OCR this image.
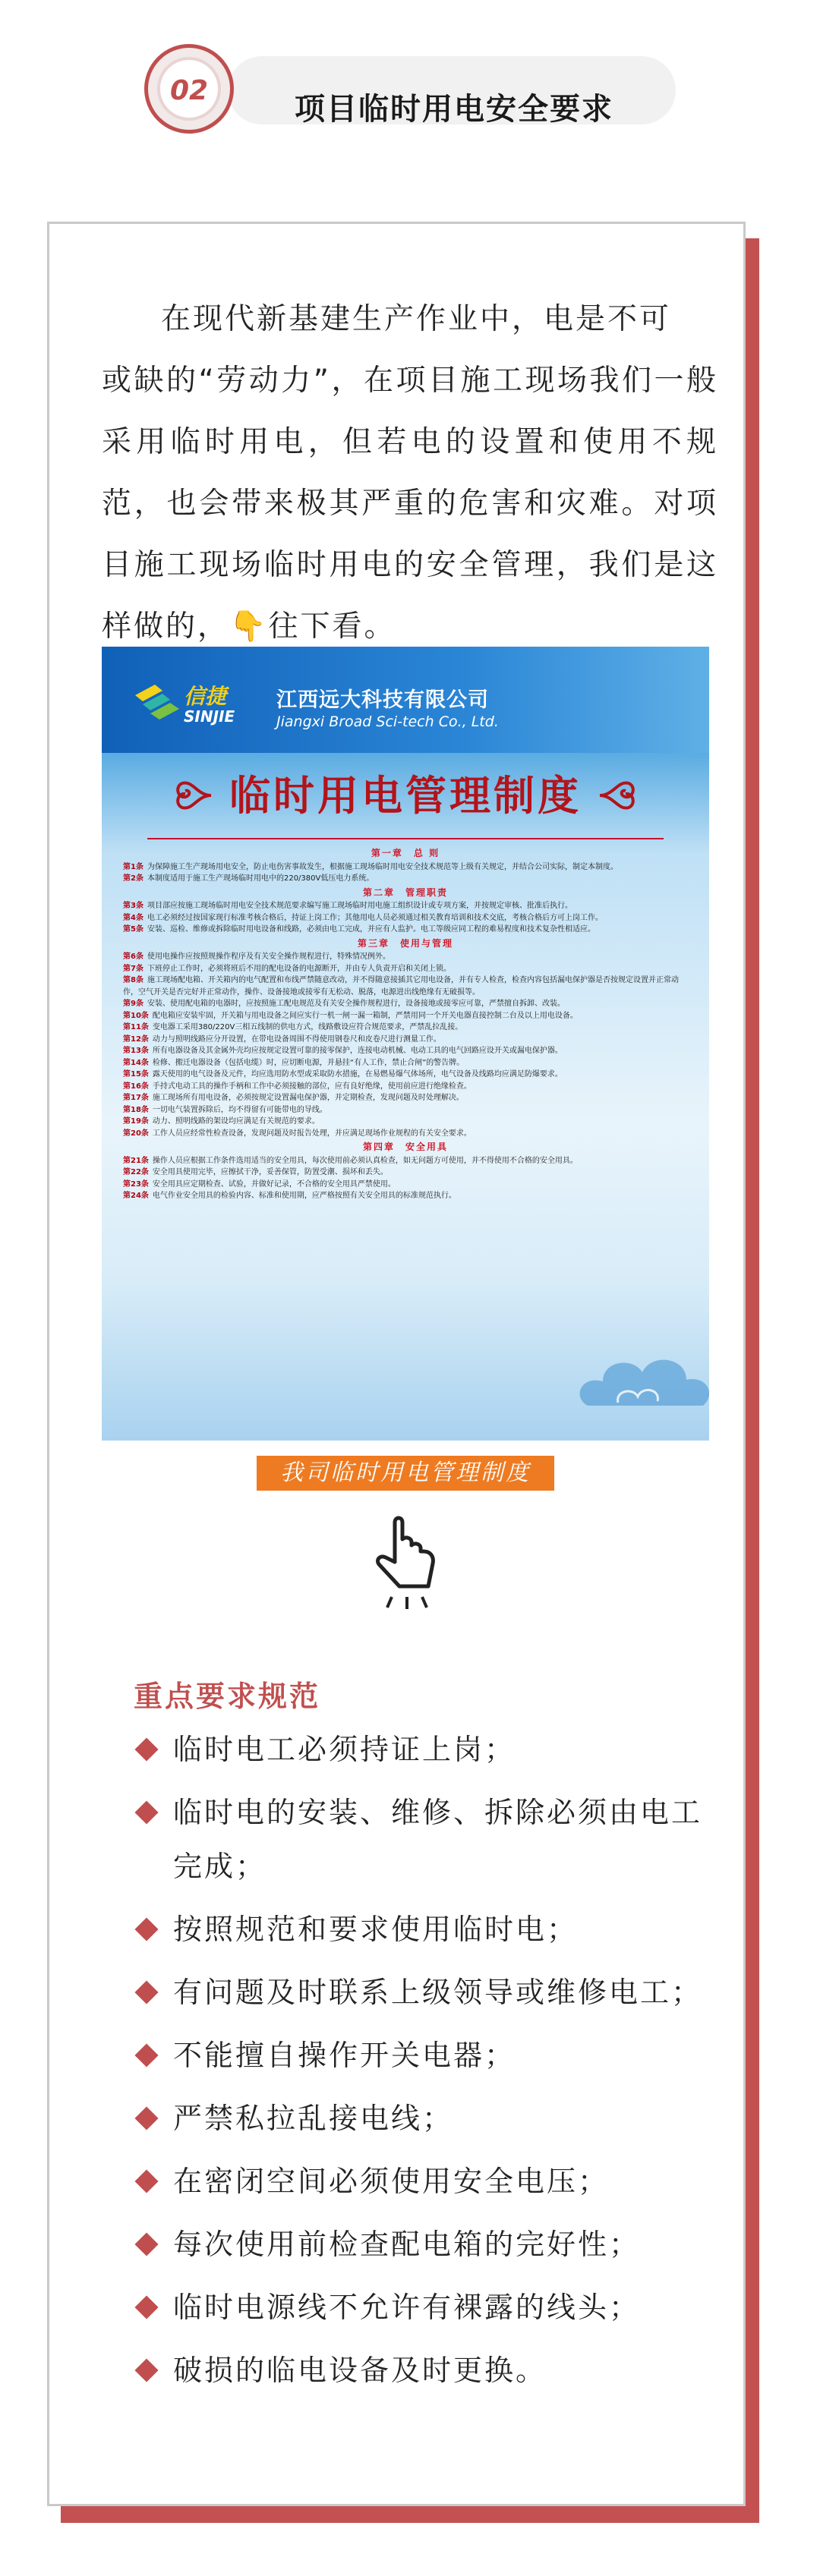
项目临时用电安全要求
02
在现代新基建生产作业中，电是不可
或缺的“劳动力”，在项目施工现场我们一般采用临时用电，但若电的设置和使用不规范，也会带来极其严重的危害和灾难。对项目施工现场临时用电的安全管理，我们是这样做的，👇往下看。
信捷
SINJIE
江西远大科技有限公司
Jiangxi Broad Sci-tech Co., Ltd.
临时用电管理制度
第一章　总 则
第1条 为保障施工生产现场用电安全，防止电伤害事故发生，根据施工现场临时用电安全技术规范等上级有关规定，并结合公司实际，制定本制度。
第2条 本制度适用于施工生产现场临时用电中的220/380V低压电力系统。
第二章　管理职责
第3条 项目部应按施工现场临时用电安全技术规范要求编写施工现场临时用电施工组织设计或专项方案，并按规定审核、批准后执行。
第4条 电工必须经过按国家现行标准考核合格后，持证上岗工作；其他用电人员必须通过相关教育培训和技术交底，考核合格后方可上岗工作。
第5条 安装、巡检、维修或拆除临时用电设备和线路，必须由电工完成，并应有人监护。电工等级应同工程的难易程度和技术复杂性相适应。
第三章　使用与管理
第6条 使用电操作应按照规操作程序及有关安全操作规程进行，特殊情况例外。
第7条 下班停止工作时，必须将班后不用的配电设备的电源断开，并由专人负责开启和关闭上锁。
第8条 施工现场配电箱、开关箱内的电气配置和布线严禁随意改动，并不得随意接插其它用电设备，并有专人检查，检查内容包括漏电保护器是否按规定设置并正常动作，空气开关是否完好并正常动作，操作、设备接地或接零有无松动、脱落，电源进出线绝缘有无破损等。
第9条 安装、使用配电箱的电器时，应按照施工配电规范及有关安全操作规程进行，设备接地或接零应可靠，严禁擅自拆卸、改装。
第10条 配电箱应安装牢固，开关箱与用电设备之间应实行一机一闸一漏一箱制，严禁用同一个开关电器直接控制二台及以上用电设备。
第11条 变电器工采用380/220V三相五线制的供电方式，线路敷设应符合规范要求，严禁乱拉乱接。
第12条 动力与照明线路应分开设置，在带电设备周围不得使用钢卷尺和皮卷尺进行测量工作。
第13条 所有电器设备及其金属外壳均应按规定设置可靠的接零保护，连接电动机械、电动工具的电气回路应设开关或漏电保护器。
第14条 检修、搬迁电器设备（包括电缆）时，应切断电源，并悬挂“有人工作，禁止合闸”的警告牌。
第15条 露天使用的电气设备及元件，均应选用防水型或采取防水措施，在易燃易爆气体场所，电气设备及线路均应满足防爆要求。
第16条 手持式电动工具的操作手柄和工作中必须接触的部位，应有良好绝缘，使用前应进行绝缘检查。
第17条 施工现场所有用电设备，必须按规定设置漏电保护器，并定期检查，发现问题及时处理解决。
第18条 一切电气装置拆除后，均不得留有可能带电的导线。
第19条 动力、照明线路的架设均应满足有关规范的要求。
第20条 工作人员应经常性检查设备，发现问题及时报告处理，并应满足现场作业规程的有关安全要求。
第四章　安全用具
第21条 操作人员应根据工作条件选用适当的安全用具，每次使用前必须认真检查，如无问题方可使用，并不得使用不合格的安全用具。
第22条 安全用具使用完毕，应擦拭干净，妥善保管，防置受潮、损坏和丢失。
第23条 安全用具应定期检查、试验，并做好记录，不合格的安全用具严禁使用。
第24条 电气作业安全用具的检验内容、标准和使用期，应严格按照有关安全用具的标准规范执行。
我司临时用电管理制度
重点要求规范
临时电工必须持证上岗；
临时电的安装、维修、拆除必须由电工完成；
按照规范和要求使用临时电；
有问题及时联系上级领导或维修电工；
不能擅自操作开关电器；
严禁私拉乱接电线；
在密闭空间必须使用安全电压；
每次使用前检查配电箱的完好性；
临时电源线不允许有裸露的线头；
破损的临电设备及时更换。
